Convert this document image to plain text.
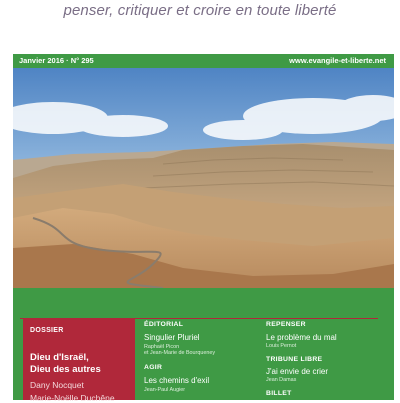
penser, critiquer et croire en toute liberté
Janvier 2016 · N° 295	www.evangile-et-liberte.net
DOSSIER
Dieu d'Israël,
Dieu des autres
Dany Nocquet
Marie-Noëlle Duchêne
ÉDITORIAL
Singulier Pluriel
Raphaël Picon
et Jean-Marie de Bourqueney
AGIR
Les chemins d'exil
Jean-Paul Augier
REPENSER
Le problème du mal
Louis Pernot
TRIBUNE LIBRE
J'ai envie de crier
Jean Damas
BILLET
